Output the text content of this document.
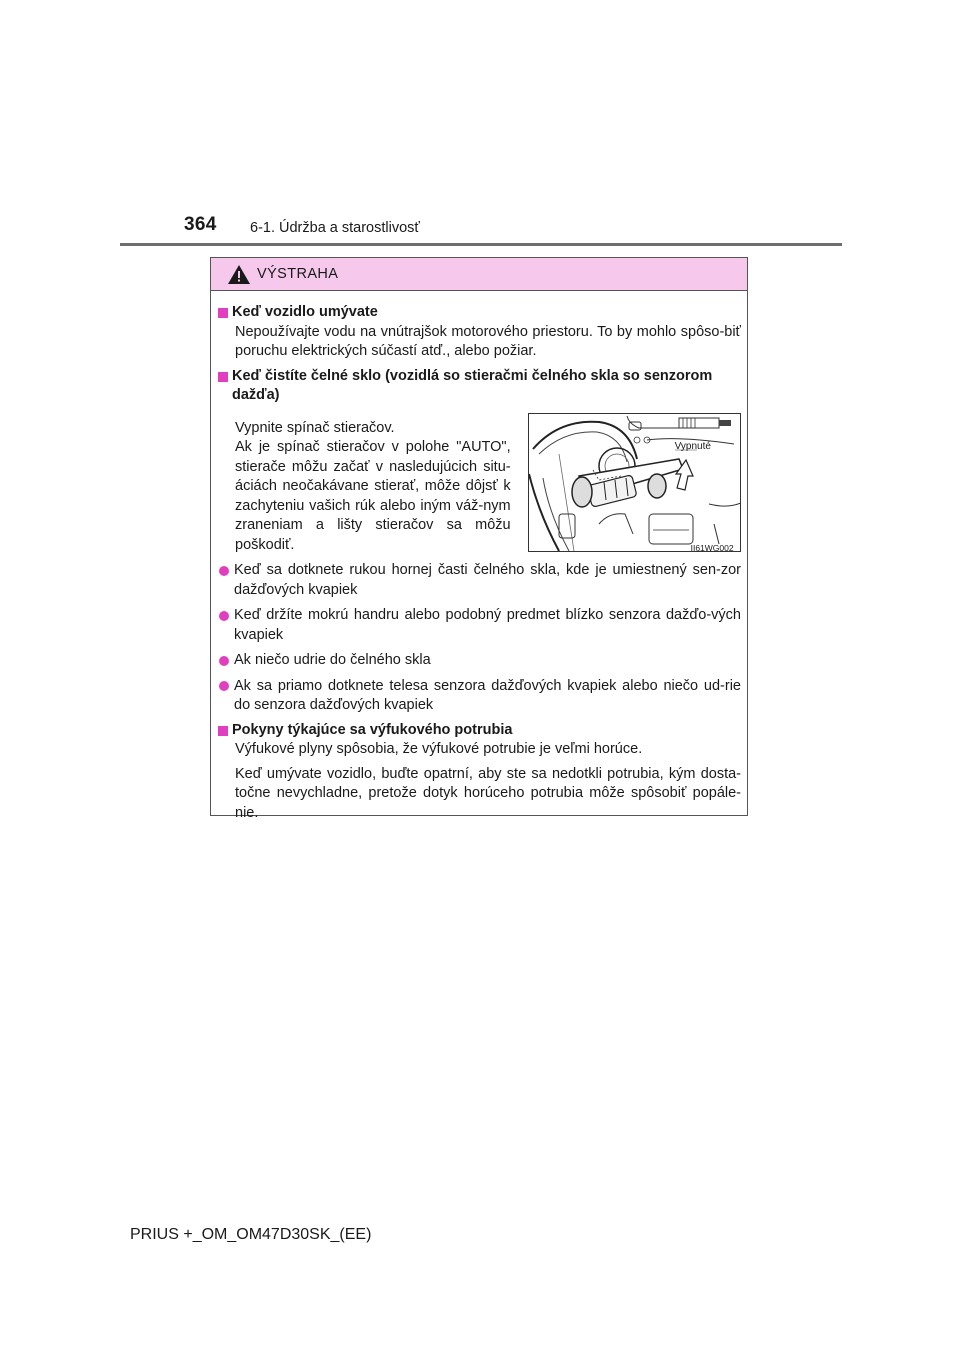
364 6-1. Údržba a starostlivosť
VÝSTRAHA
Keď vozidlo umývate
Nepoužívajte vodu na vnútrajšok motorového priestoru. To by mohlo spôso-biť poruchu elektrických súčastí atď., alebo požiar.
Keď čistíte čelné sklo (vozidlá so stieračmi čelného skla so senzorom dažďa)
Vypnite spínač stieračov.
Ak je spínač stieračov v polohe "AUTO", stierače môžu začať v nasledujúcich situ-áciách neočakávane stierať, môže dôjsť k zachyteniu vašich rúk alebo iným váž-nym zraneniam a lišty stieračov sa môžu poškodiť.
Vypnuté
II61WG002
Keď sa dotknete rukou hornej časti čelného skla, kde je umiestnený sen-zor dažďových kvapiek
Keď držíte mokrú handru alebo podobný predmet blízko senzora dažďo-vých kvapiek
Ak niečo udrie do čelného skla
Ak sa priamo dotknete telesa senzora dažďových kvapiek alebo niečo ud-rie do senzora dažďových kvapiek
Pokyny týkajúce sa výfukového potrubia
Výfukové plyny spôsobia, že výfukové potrubie je veľmi horúce.
Keď umývate vozidlo, buďte opatrní, aby ste sa nedotkli potrubia, kým dosta-točne nevychladne, pretože dotyk horúceho potrubia môže spôsobiť popále-nie.
PRIUS +_OM_OM47D30SK_(EE)
